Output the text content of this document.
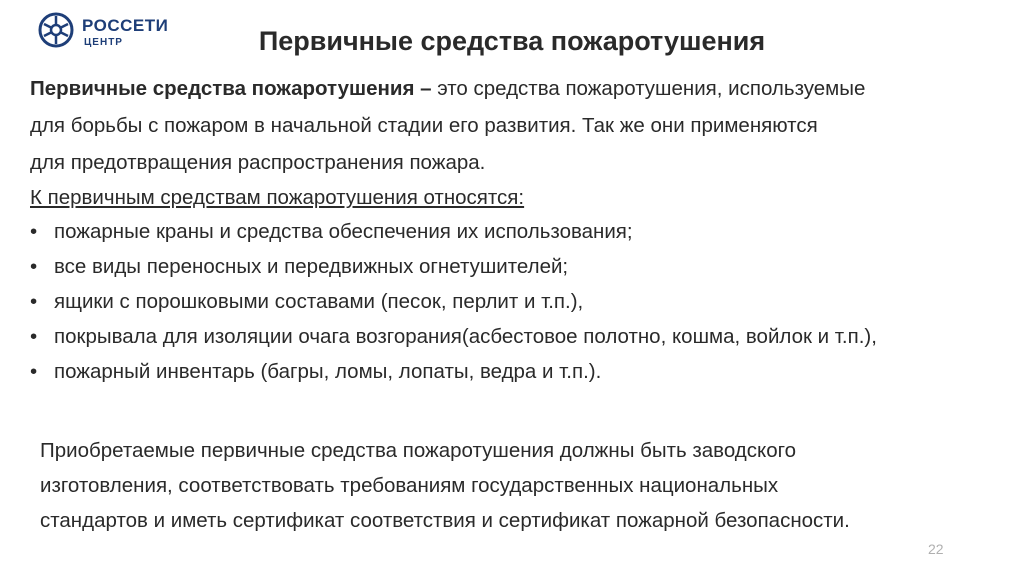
РОССЕТИ
ЦЕНТР	Первичные средства пожаротушения

Первичные средства пожаротушения – это средства пожаротушения, используемые

для борьбы с пожаром в начальной стадии его развития. Так же они применяются

для предотвращения распространения пожара.

К первичным средствам пожаротушения относятся:

• пожарные краны и средства обеспечения их использования;
• все виды переносных и передвижных огнетушителей;
• ящики с порошковыми составами (песок, перлит и т.п.),
• покрывала для изоляции очага возгорания(асбестовое полотно, кошма, войлок и т.п.),
• пожарный инвентарь (багры, ломы, лопаты, ведра и т.п.).

Приобретаемые первичные средства пожаротушения должны быть заводского

изготовления, соответствовать требованиям государственных национальных

стандартов и иметь сертификат соответствия и сертификат пожарной безопасности.

22
